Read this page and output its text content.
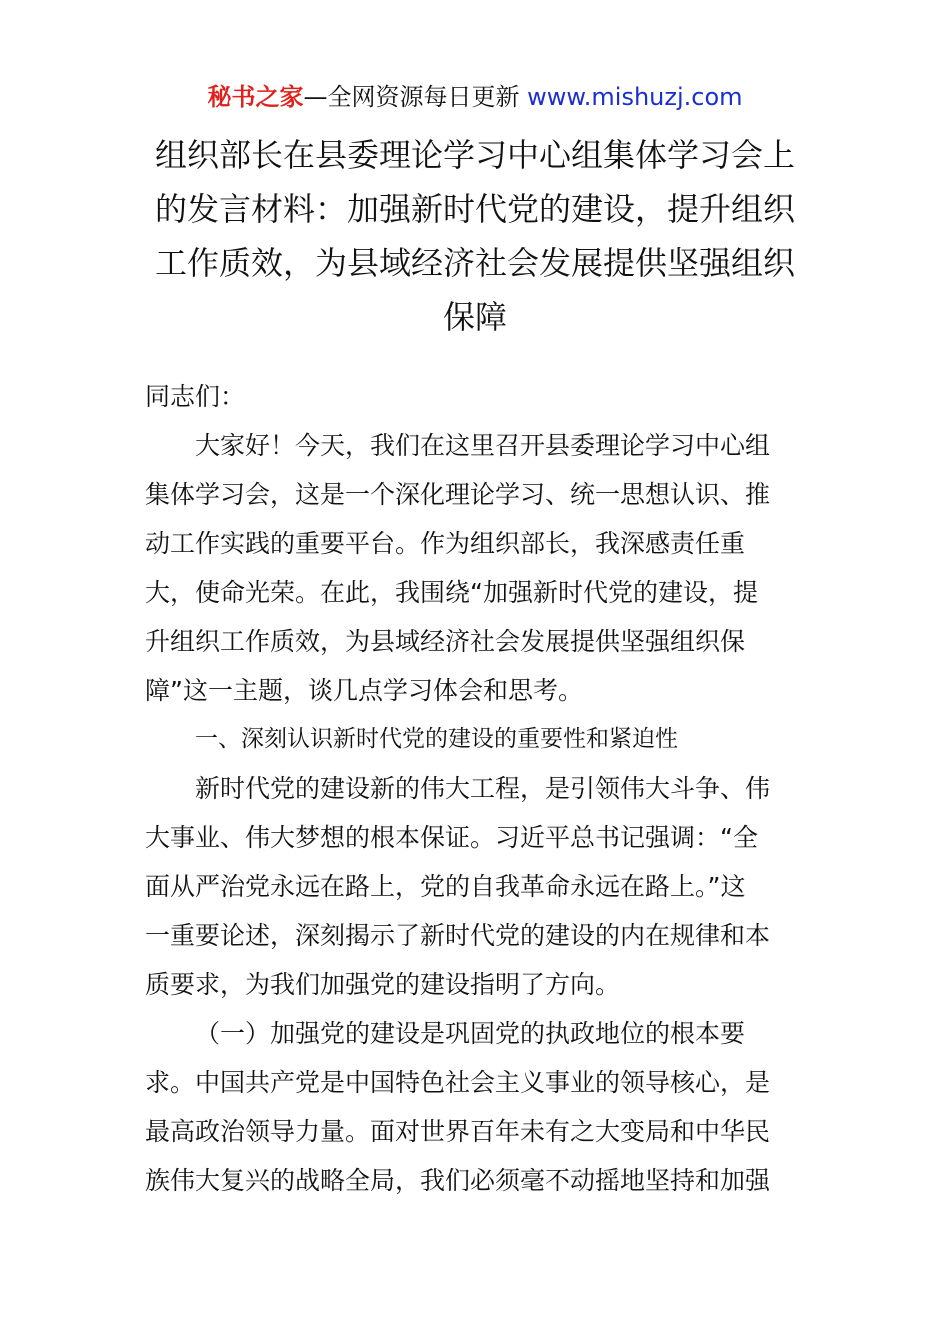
秘书之家—全网资源每日更新 www.mishuzj.com
组织部长在县委理论学习中心组集体学习会上
的发言材料：加强新时代党的建设，提升组织
工作质效，为县域经济社会发展提供坚强组织
保障
同志们：
大家好！今天，我们在这里召开县委理论学习中心组
集体学习会，这是一个深化理论学习、统一思想认识、推
动工作实践的重要平台。作为组织部长，我深感责任重
大，使命光荣。在此，我围绕“加强新时代党的建设，提
升组织工作质效，为县域经济社会发展提供坚强组织保
障”这一主题，谈几点学习体会和思考。
一、深刻认识新时代党的建设的重要性和紧迫性
新时代党的建设新的伟大工程，是引领伟大斗争、伟
大事业、伟大梦想的根本保证。习近平总书记强调：“全
面从严治党永远在路上，党的自我革命永远在路上。”这
一重要论述，深刻揭示了新时代党的建设的内在规律和本
质要求，为我们加强党的建设指明了方向。
（一）加强党的建设是巩固党的执政地位的根本要
求。中国共产党是中国特色社会主义事业的领导核心，是
最高政治领导力量。面对世界百年未有之大变局和中华民
族伟大复兴的战略全局，我们必须毫不动摇地坚持和加强
